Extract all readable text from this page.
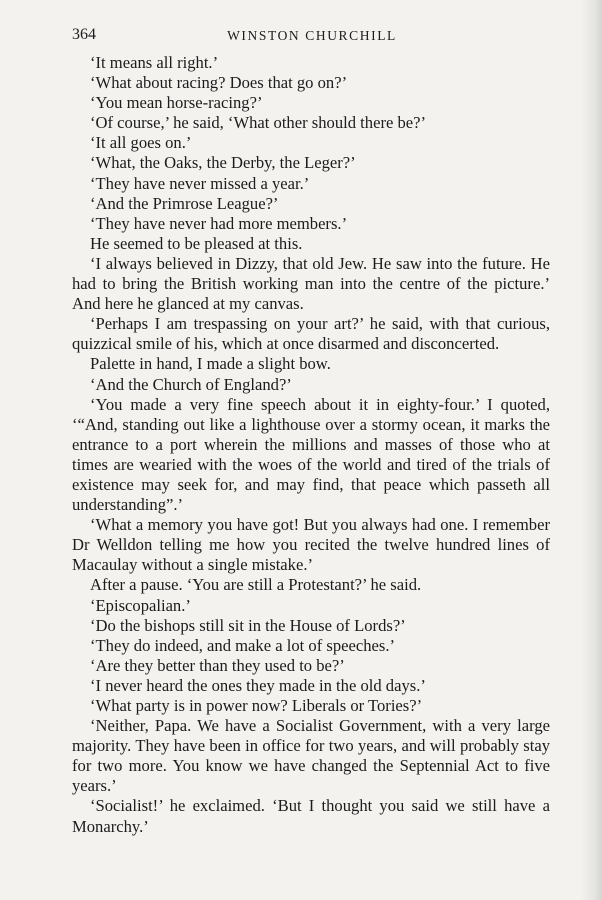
364	WINSTON CHURCHILL

‘It means all right.’

‘What about racing? Does that go on?’

‘You mean horse-racing?’

‘Of course,’ he said, ‘What other should there be?’

‘It all goes on.’

‘What, the Oaks, the Derby, the Leger?’

‘They have never missed a year.’

‘And the Primrose League?’

‘They have never had more members.’

He seemed to be pleased at this.

‘I always believed in Dizzy, that old Jew. He saw into the future. He had to bring the British working man into the centre of the picture.’ And here he glanced at my canvas.

‘Perhaps I am trespassing on your art?’ he said, with that curious, quizzical smile of his, which at once disarmed and disconcerted.

Palette in hand, I made a slight bow.

‘And the Church of England?’

‘You made a very fine speech about it in eighty-four.’ I quoted, ‘“And, standing out like a lighthouse over a stormy ocean, it marks the entrance to a port wherein the millions and masses of those who at times are wearied with the woes of the world and tired of the trials of existence may seek for, and may find, that peace which passeth all understanding”.’

‘What a memory you have got! But you always had one. I remember Dr Welldon telling me how you recited the twelve hundred lines of Macaulay without a single mistake.’

After a pause. ‘You are still a Protestant?’ he said.

‘Episcopalian.’

‘Do the bishops still sit in the House of Lords?’

‘They do indeed, and make a lot of speeches.’

‘Are they better than they used to be?’

‘I never heard the ones they made in the old days.’

‘What party is in power now? Liberals or Tories?’

‘Neither, Papa. We have a Socialist Government, with a very large majority. They have been in office for two years, and will probably stay for two more. You know we have changed the Septennial Act to five years.’

‘Socialist!’ he exclaimed. ‘But I thought you said we still have a Monarchy.’
